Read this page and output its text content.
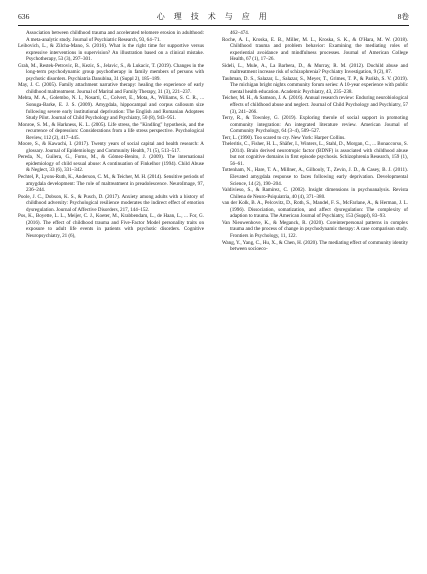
636	心 理 技 术 与 应 用	8卷

Association between childhood trauma and accelerated telomere erosion in adulthood: A meta-analytic study. Journal of Psychiatric Research, 93, 64–71.

Leibovich, L., & Zilcha-Mano, S. (2016). What is the right time for supportive versus expressive interventions in supervision? An illustration based on a clinical mistake. Psychotherapy, 53 (3), 297–301.

Grah, M., Restek-Petrovic, B., Kezic, S., Jelavic, S., & Lukacic, T. (2019). Changes in the long-term psychodynamic group psychotherapy in family members of persons with psychotic disorders. Psychiatria Danubina, 31 (Suppl 2), 185–189.

May, J. C. (2005). Family attachment narrative therapy: healing the experience of early childhood maltreatment. Journal of Marital and Family Therapy, 31 (3), 221–237.

Mehta, M. A., Golembo, N. I., Nosarti, C., Colvert, E., Mota, A., Williams, S. C. R., ... Sonuga-Barke, E. J. S. (2009). Amygdala, hippocampal and corpus callosum size following severe early institutional deprivation: The English and Romanian Adoptees Study Pilot. Journal of Child Psychology and Psychiatry, 50 (8), 943–951.

Monroe, S. M., & Harkness, K. L. (2005). Life stress, the "Kindling" hypothesis, and the recurrence of depression: Considerations from a life stress perspective. Psychological Review, 112 (2), 417–445.

Moore, S., & Kawachi, I. (2017). Twenty years of social capital and health research: A glossary. Journal of Epidemiology and Community Health, 71 (5), 513–517.

Pereda, N., Guilera, G., Forns, M., & Gómez-Benito, J. (2009). The international epidemiology of child sexual abuse: A continuation of Finkelhor (1994). Child Abuse & Neglect, 33 (6), 331–342.

Pechtel, P., Lyons-Ruth, K., Anderson, C. M., & Teicher, M. H. (2014). Sensitive periods of amygdala development: The role of maltreatment in preadolescence. NeuroImage, 97, 236–244.

Poole, J. C., Dobson, K. S., & Pusch, D. (2017). Anxiety among adults with a history of childhood adversity: Psychological resilience moderates the indirect effect of emotion dysregulation. Journal of Affective Disorders, 217, 144–152.

Pos, K., Boyette, L. L., Meijer, C. J., Koeter, M., Krabbendam, L., de Haan, L., ... For, G. (2016). The effect of childhood trauma and Five-Factor Model personality traits on exposure to adult life events in patients with psychotic disorders. Cognitive Neuropsychiatry, 21 (6),

462–474.

Roche, A. I., Kroska, E. B., Miller, M. L., Kroska, S. K., & O'Hara, M. W. (2018). Childhood trauma and problem behavior: Examining the mediating roles of experiential avoidance and mindfulness processes. Journal of American College Health, 67 (1), 17–26.

Sideli, L., Mule, A., La Barbera, D., & Murray, R. M. (2012). Dochild abuse and maltreatment increase risk of schizophrenia? Psychiatry Investigation, 9 (2), 87.

Taubman, D. S., Salazar, L., Salazar, S., Meyer, T., Grimes, T. P., & Parikh, S. V. (2019). The michigan bright nights community forum series: A 10-year experience with public mental health education. Academic Psychiatry, 43, 235–238.

Teicher, M. H., & Samson, J. A. (2016). Annual research review: Enduring neurobiological effects of childhood abuse and neglect. Journal of Child Psychology and Psychiatry, 57 (3), 241–266.

Terry, R., & Townley, G. (2019). Exploring therole of social support in promoting community integration: An integrated literature review. American Journal of Community Psychology, 64 (3–4), 509–527.

Terr, L. (1990). Too scared to cry. New York: Harper Collins.

Theleritis, C., Fisher, H. L., Shäfer, I., Winters, L., Stahl, D., Morgan, C., ... Bonaccorso, S. (2014). Brain derived neurotropic factor (BDNF) is associated with childhood abuse but not cognitive domains in first episode psychosis. Schizophrenia Research, 159 (1), 56–61.

Tottenham, N., Hare, T. A., Millner, A., Gilhooly, T., Zevin, J. D., & Casey, B. J. (2011). Elevated amygdala response to faces following early deprivation. Developmental Science, 14 (2), 190–204.

Valdivieso, S., & Ramírez, C. (2002). Insight dimensions in psychoanalysis. Revista Chilena de Neuro-Psiquiatria, 40 (4), 371–380.

van der Kolk, B. A., Pelcovitz, D., Roth, S., Mandel, F. S., McFarlane, A., & Herman, J. L. (1996). Dissociation, somatization, and affect dysregulation: The complexity of adaption to trauma. The American Journal of Psychiatry, 153 (Suppl), 83–93.

Van Nieuwenhove, K., & Meganck, R. (2020). Coreinterpersonal patterns in complex trauma and the process of change in psychodynamic therapy: A case comparison study. Frontiers in Psychology, 11, 122.

Wang, Y., Yang, C., Hu, X., & Chen, H. (2020). The mediating effect of community identity between socioeco-
